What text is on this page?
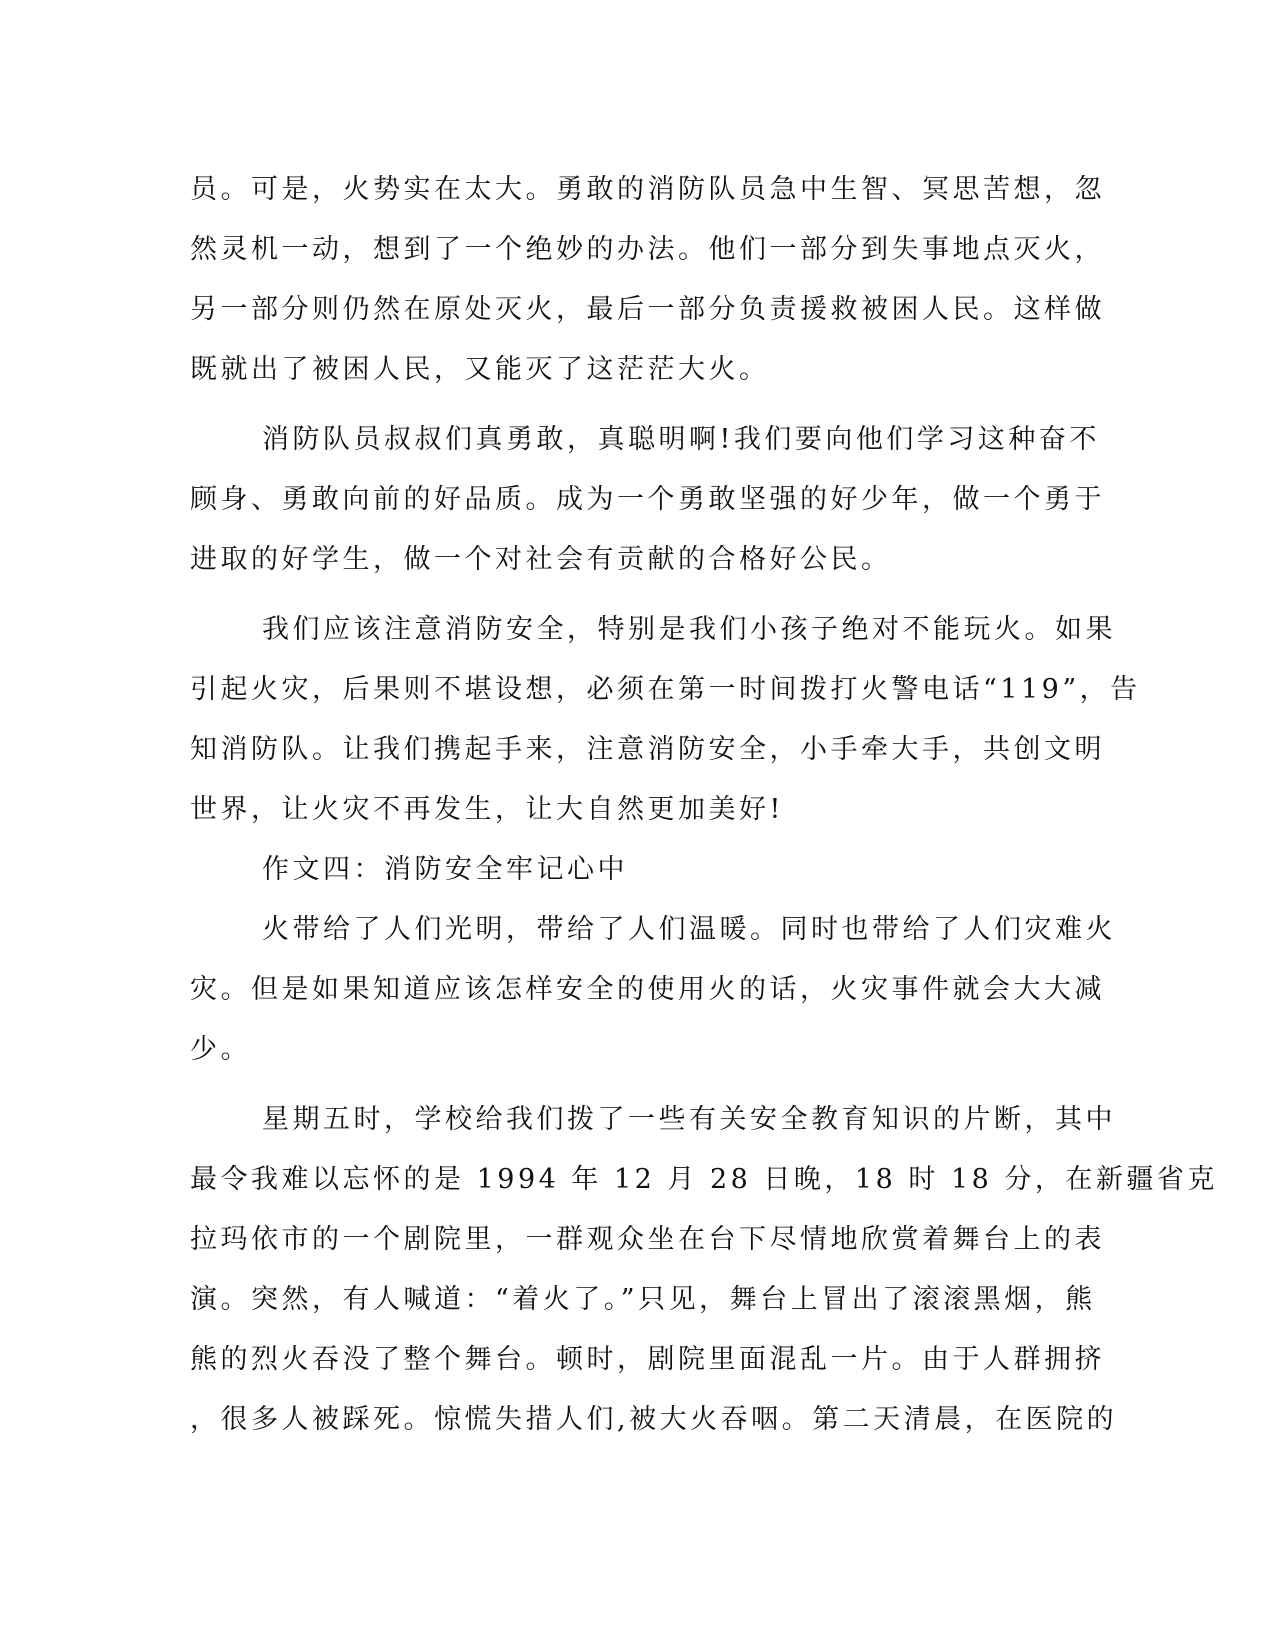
员。可是，火势实在太大。勇敢的消防队员急中生智、冥思苦想，忽
然灵机一动，想到了一个绝妙的办法。他们一部分到失事地点灭火，
另一部分则仍然在原处灭火，最后一部分负责援救被困人民。这样做
既就出了被困人民，又能灭了这茫茫大火。
消防队员叔叔们真勇敢，真聪明啊!我们要向他们学习这种奋不
顾身、勇敢向前的好品质。成为一个勇敢坚强的好少年，做一个勇于
进取的好学生，做一个对社会有贡献的合格好公民。
我们应该注意消防安全，特别是我们小孩子绝对不能玩火。如果
引起火灾，后果则不堪设想，必须在第一时间拨打火警电话“119”，告
知消防队。让我们携起手来，注意消防安全，小手牵大手，共创文明
世界，让火灾不再发生，让大自然更加美好!
作文四：消防安全牢记心中
火带给了人们光明，带给了人们温暖。同时也带给了人们灾难火
灾。但是如果知道应该怎样安全的使用火的话，火灾事件就会大大减
少。
星期五时，学校给我们拨了一些有关安全教育知识的片断，其中
最令我难以忘怀的是 1994 年 12 月 28 日晚，18 时 18 分，在新疆省克
拉玛依市的一个剧院里，一群观众坐在台下尽情地欣赏着舞台上的表
演。突然，有人喊道：“着火了。”只见，舞台上冒出了滚滚黑烟，熊
熊的烈火吞没了整个舞台。顿时，剧院里面混乱一片。由于人群拥挤
，很多人被踩死。惊慌失措人们,被大火吞咽。第二天清晨，在医院的
